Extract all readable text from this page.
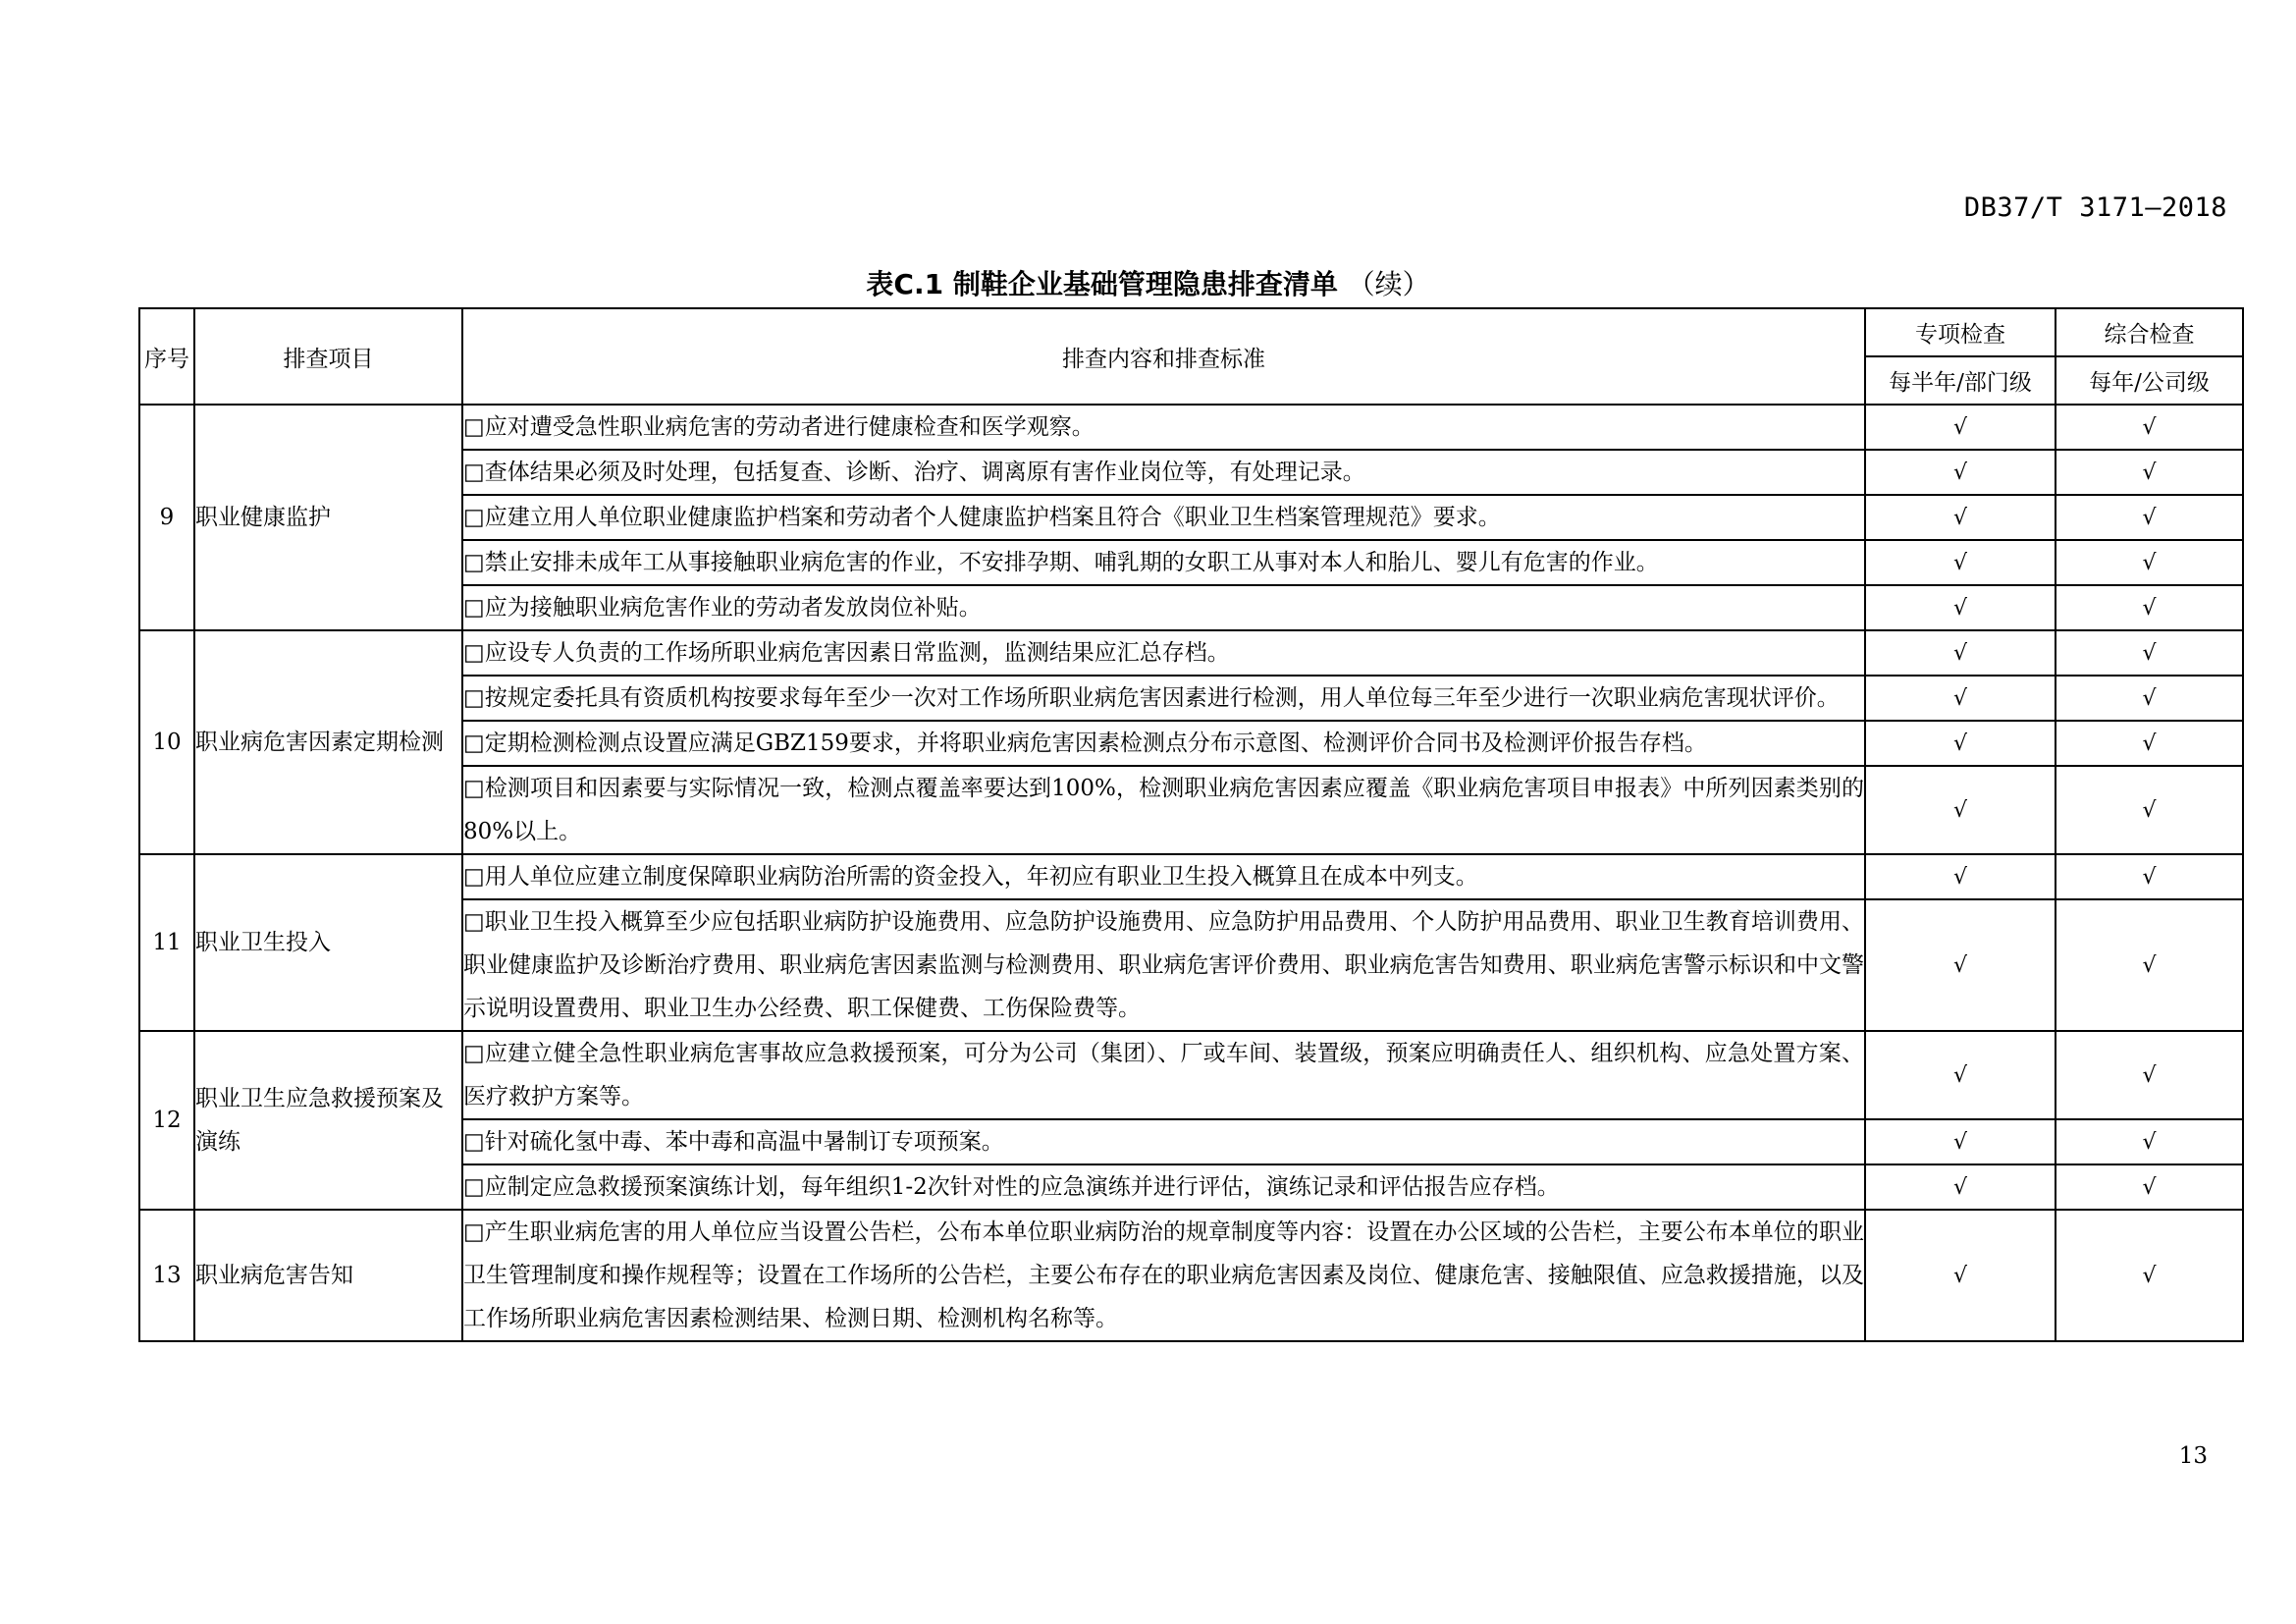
DB37/T 3171—2018
表C.1 制鞋企业基础管理隐患排查清单 （续）
序号	排查项目	排查内容和排查标准	专项检查	综合检查
			每半年/部门级	每年/公司级
9	职业健康监护	□应对遭受急性职业病危害的劳动者进行健康检查和医学观察。	√	√
		□查体结果必须及时处理，包括复查、诊断、治疗、调离原有害作业岗位等，有处理记录。	√	√
		□应建立用人单位职业健康监护档案和劳动者个人健康监护档案且符合《职业卫生档案管理规范》要求。	√	√
		□禁止安排未成年工从事接触职业病危害的作业，不安排孕期、哺乳期的女职工从事对本人和胎儿、婴儿有危害的作业。	√	√
		□应为接触职业病危害作业的劳动者发放岗位补贴。	√	√
10	职业病危害因素定期检测	□应设专人负责的工作场所职业病危害因素日常监测，监测结果应汇总存档。	√	√
		□按规定委托具有资质机构按要求每年至少一次对工作场所职业病危害因素进行检测，用人单位每三年至少进行一次职业病危害现状评价。	√	√
		□定期检测检测点设置应满足GBZ159要求，并将职业病危害因素检测点分布示意图、检测评价合同书及检测评价报告存档。	√	√
		□检测项目和因素要与实际情况一致，检测点覆盖率要达到100%，检测职业病危害因素应覆盖《职业病危害项目申报表》中所列因素类别的80%以上。	√	√
11	职业卫生投入	□用人单位应建立制度保障职业病防治所需的资金投入，年初应有职业卫生投入概算且在成本中列支。	√	√
		□职业卫生投入概算至少应包括职业病防护设施费用、应急防护设施费用、应急防护用品费用、个人防护用品费用、职业卫生教育培训费用、职业健康监护及诊断治疗费用、职业病危害因素监测与检测费用、职业病危害评价费用、职业病危害告知费用、职业病危害警示标识和中文警示说明设置费用、职业卫生办公经费、职工保健费、工伤保险费等。	√	√
12	职业卫生应急救援预案及演练	□应建立健全急性职业病危害事故应急救援预案，可分为公司（集团）、厂或车间、装置级，预案应明确责任人、组织机构、应急处置方案、医疗救护方案等。	√	√
		□针对硫化氢中毒、苯中毒和高温中暑制订专项预案。	√	√
		□应制定应急救援预案演练计划，每年组织1-2次针对性的应急演练并进行评估，演练记录和评估报告应存档。	√	√
13	职业病危害告知	□产生职业病危害的用人单位应当设置公告栏，公布本单位职业病防治的规章制度等内容：设置在办公区域的公告栏，主要公布本单位的职业卫生管理制度和操作规程等；设置在工作场所的公告栏，主要公布存在的职业病危害因素及岗位、健康危害、接触限值、应急救援措施，以及工作场所职业病危害因素检测结果、检测日期、检测机构名称等。	√	√
13
